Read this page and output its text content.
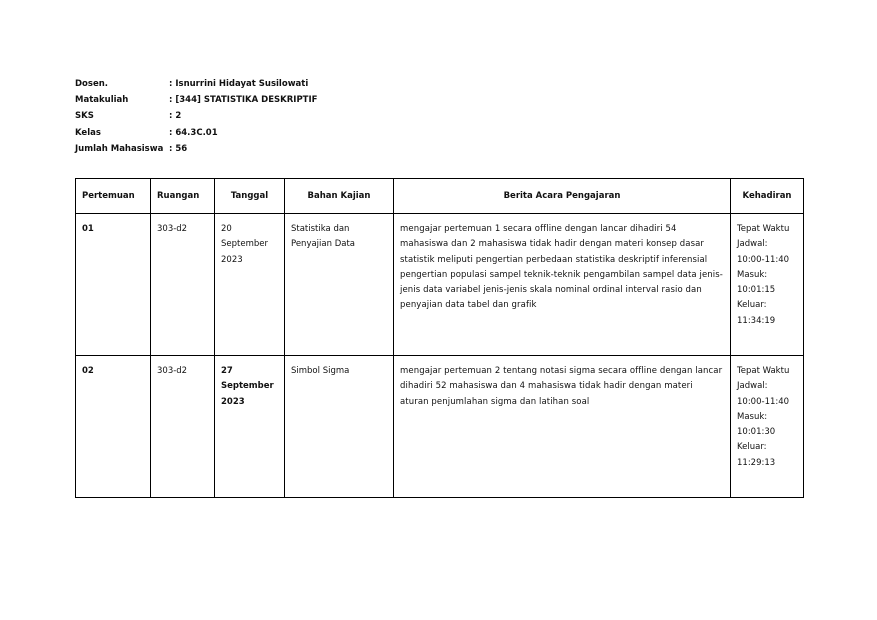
Dosen.	: Isnurrini Hidayat Susilowati
Matakuliah	: [344] STATISTIKA DESKRIPTIF
SKS	: 2
Kelas	: 64.3C.01
Jumlah Mahasiswa : 56
Pertemuan	Ruangan	Tanggal	Bahan Kajian	Berita Acara Pengajaran	Kehadiran
01	303-d2	20 September 2023	Statistika dan Penyajian Data	mengajar pertemuan 1 secara offline dengan lancar dihadiri 54 mahasiswa dan 2 mahasiswa tidak hadir dengan materi konsep dasar statistik meliputi pengertian perbedaan statistika deskriptif inferensial pengertian populasi sampel teknik-teknik pengambilan sampel data jenis-jenis data variabel jenis-jenis skala nominal ordinal interval rasio dan penyajian data tabel dan grafik	Tepat Waktu Jadwal: 10:00-11:40 Masuk: 10:01:15 Keluar: 11:34:19
02	303-d2	27 September 2023	Simbol Sigma	mengajar pertemuan 2 tentang notasi sigma secara offline dengan lancar dihadiri 52 mahasiswa dan 4 mahasiswa tidak hadir dengan materi aturan penjumlahan sigma dan latihan soal	Tepat Waktu Jadwal: 10:00-11:40 Masuk: 10:01:30 Keluar: 11:29:13
